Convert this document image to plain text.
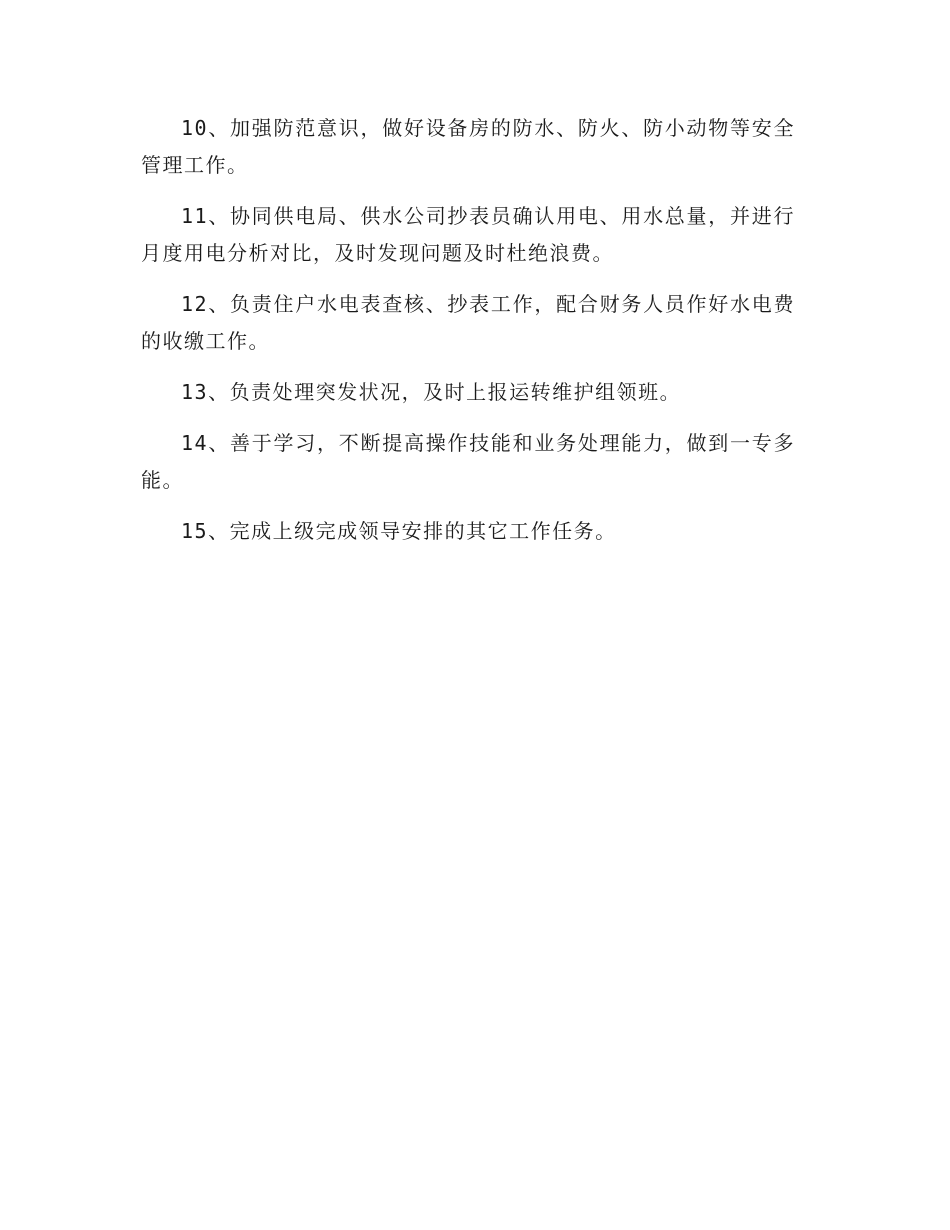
10、加强防范意识，做好设备房的防水、防火、防小动物等安全管理工作。

11、协同供电局、供水公司抄表员确认用电、用水总量，并进行月度用电分析对比，及时发现问题及时杜绝浪费。

12、负责住户水电表查核、抄表工作，配合财务人员作好水电费的收缴工作。

13、负责处理突发状况，及时上报运转维护组领班。

14、善于学习，不断提高操作技能和业务处理能力，做到一专多能。

15、完成上级完成领导安排的其它工作任务。
